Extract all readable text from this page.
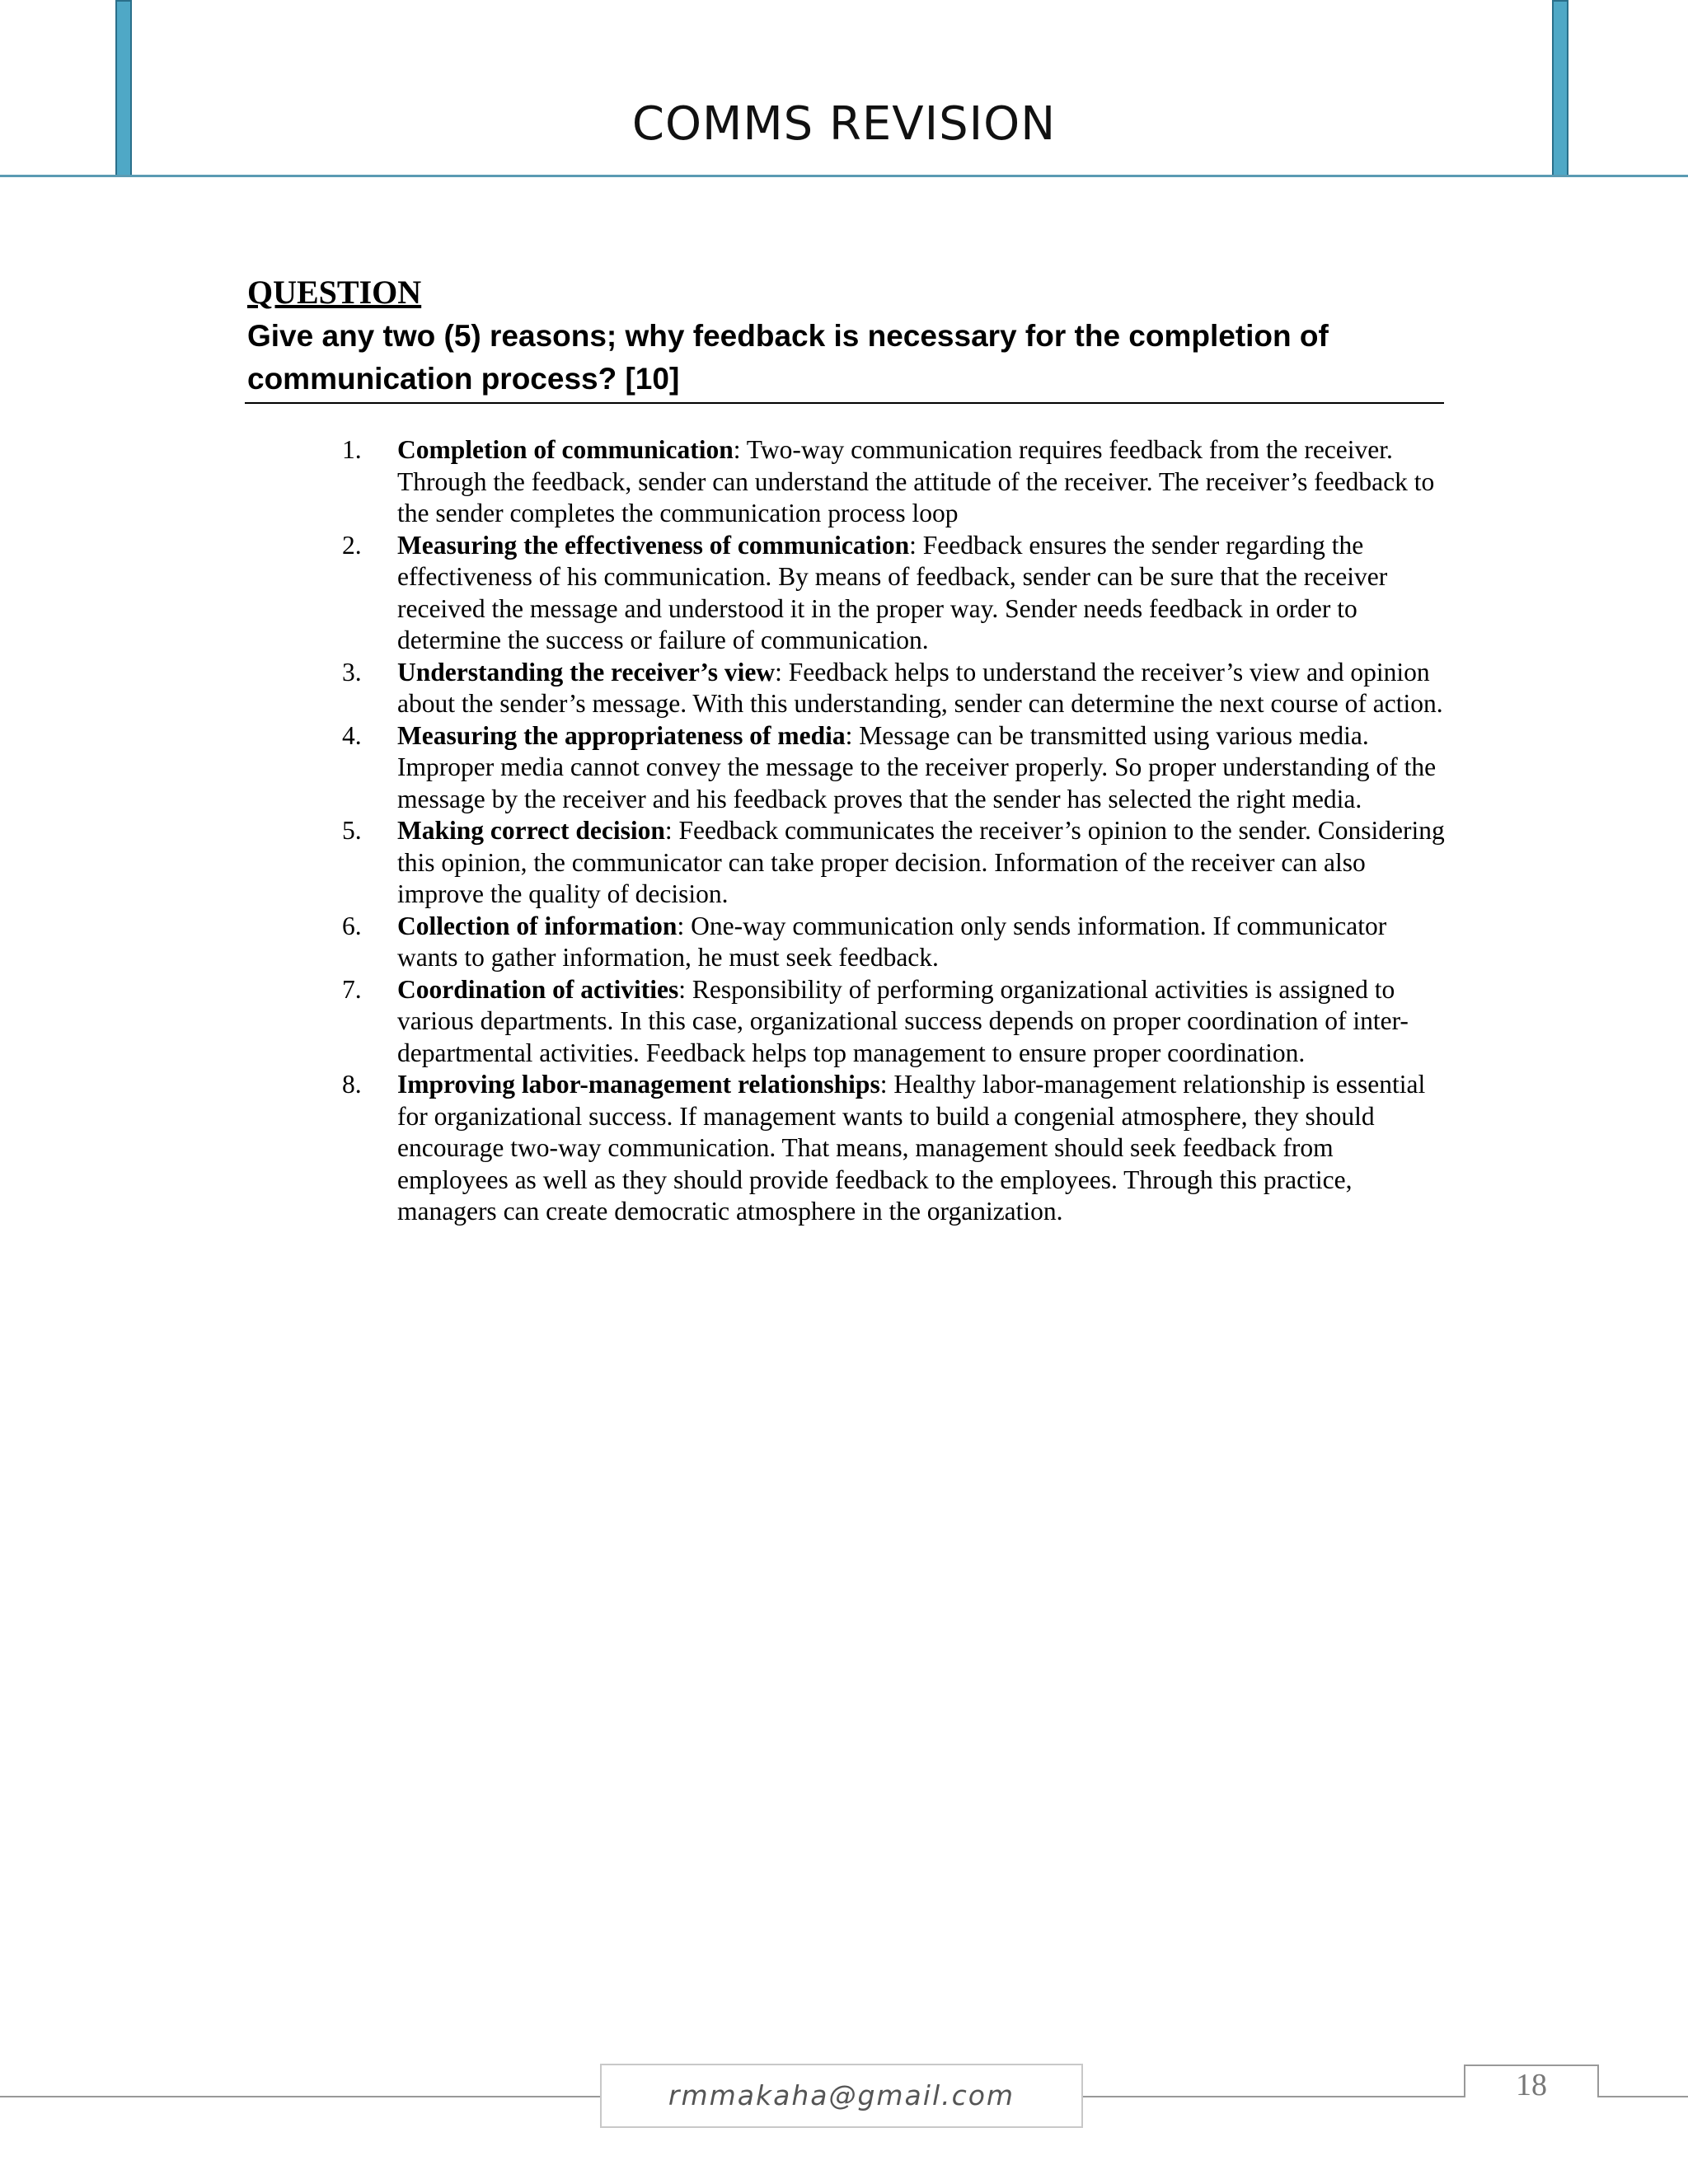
COMMS REVISION
QUESTION
Give any two (5) reasons; why feedback is necessary for the completion of communication process? [10]
1. Completion of communication: Two-way communication requires feedback from the receiver. Through the feedback, sender can understand the attitude of the receiver. The receiver’s feedback to the sender completes the communication process loop
2. Measuring the effectiveness of communication: Feedback ensures the sender regarding the effectiveness of his communication. By means of feedback, sender can be sure that the receiver received the message and understood it in the proper way. Sender needs feedback in order to determine the success or failure of communication.
3. Understanding the receiver’s view: Feedback helps to understand the receiver’s view and opinion about the sender’s message. With this understanding, sender can determine the next course of action.
4. Measuring the appropriateness of media: Message can be transmitted using various media. Improper media cannot convey the message to the receiver properly. So proper understanding of the message by the receiver and his feedback proves that the sender has selected the right media.
5. Making correct decision: Feedback communicates the receiver’s opinion to the sender. Considering this opinion, the communicator can take proper decision. Information of the receiver can also improve the quality of decision.
6. Collection of information: One-way communication only sends information. If communicator wants to gather information, he must seek feedback.
7. Coordination of activities: Responsibility of performing organizational activities is assigned to various departments. In this case, organizational success depends on proper coordination of inter-departmental activities. Feedback helps top management to ensure proper coordination.
8. Improving labor-management relationships: Healthy labor-management relationship is essential for organizational success. If management wants to build a congenial atmosphere, they should encourage two-way communication. That means, management should seek feedback from employees as well as they should provide feedback to the employees. Through this practice, managers can create democratic atmosphere in the organization.
rmmakaha@gmail.com	18
